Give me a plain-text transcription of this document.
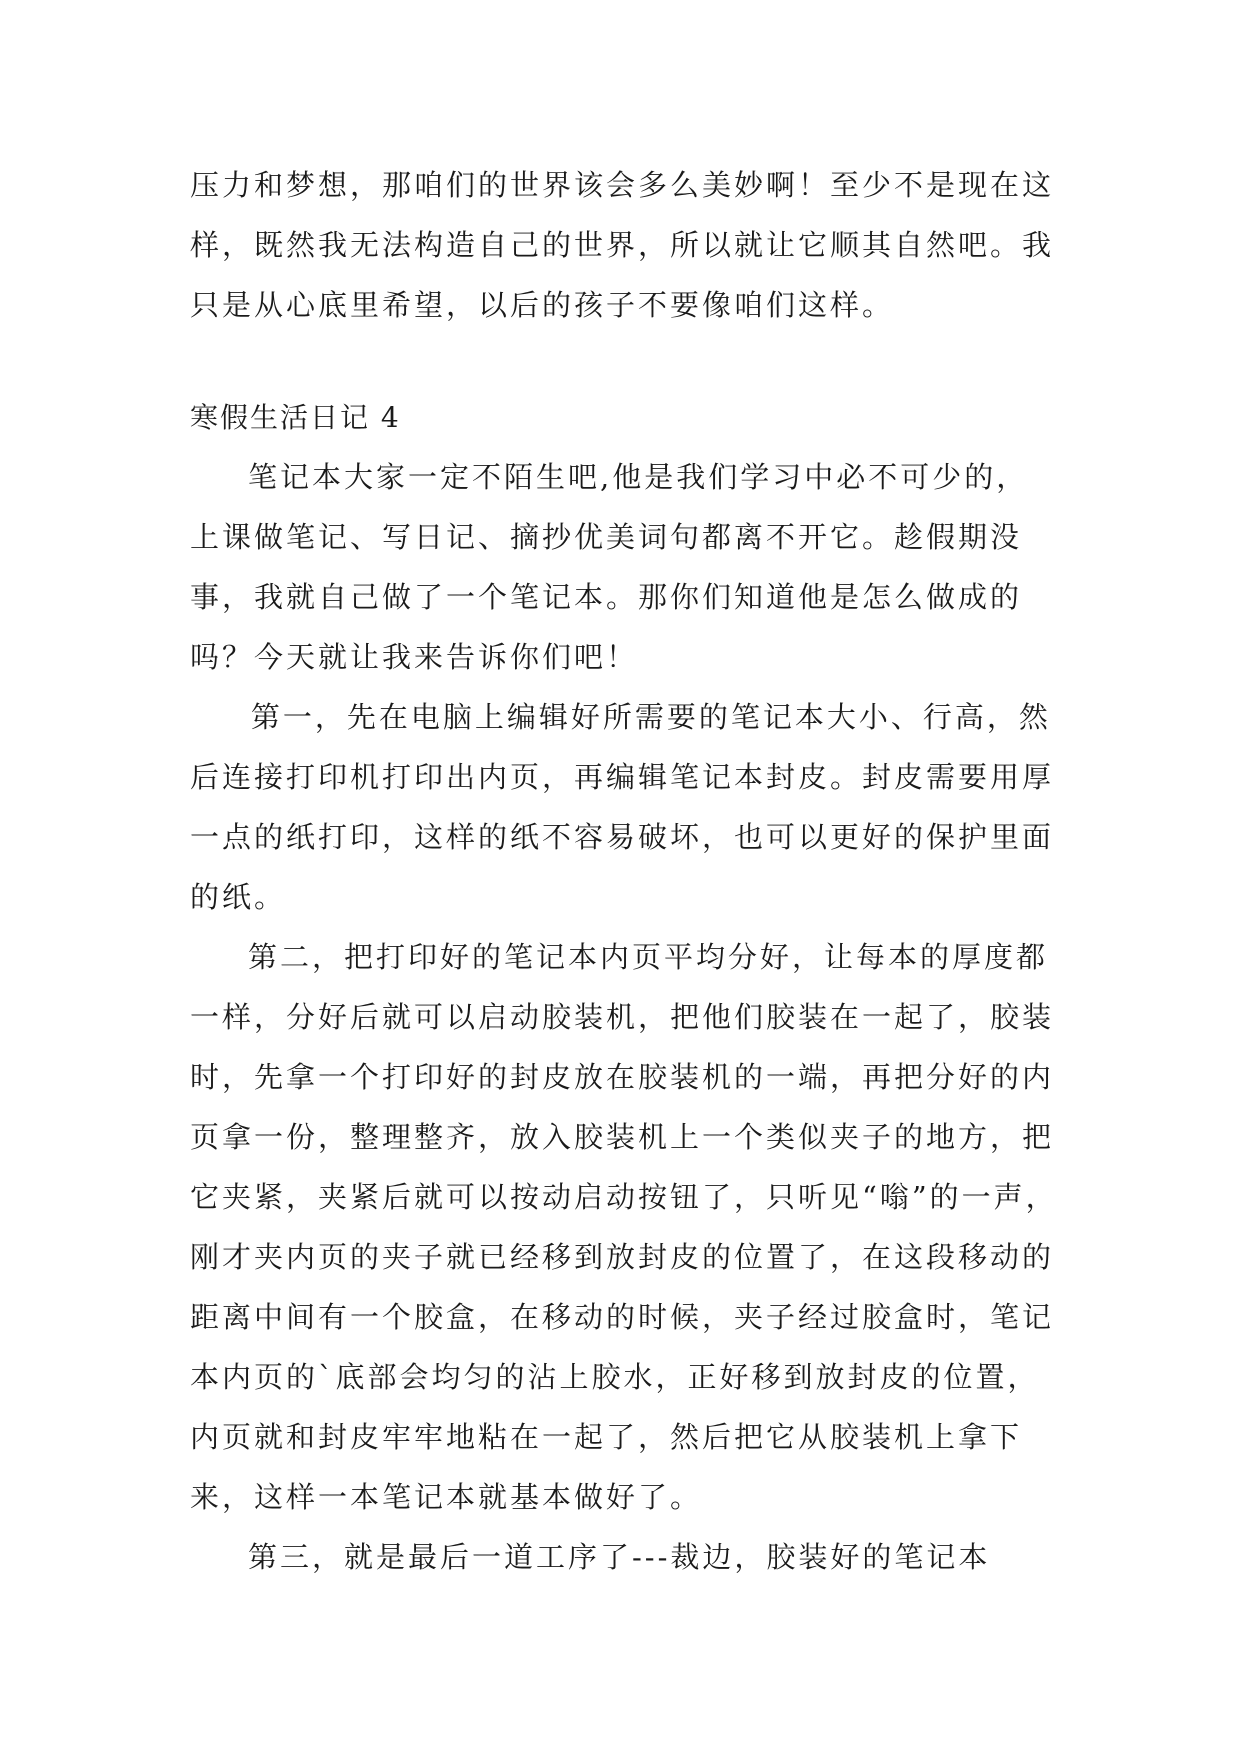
压力和梦想，那咱们的世界该会多么美妙啊！至少不是现在这样，既然我无法构造自己的世界，所以就让它顺其自然吧。我只是从心底里希望，以后的孩子不要像咱们这样。

寒假生活日记 4

笔记本大家一定不陌生吧,他是我们学习中必不可少的，上课做笔记、写日记、摘抄优美词句都离不开它。趁假期没事，我就自己做了一个笔记本。那你们知道他是怎么做成的吗？今天就让我来告诉你们吧！

第一，先在电脑上编辑好所需要的笔记本大小、行高，然后连接打印机打印出内页，再编辑笔记本封皮。封皮需要用厚一点的纸打印，这样的纸不容易破坏，也可以更好的保护里面的纸。

第二，把打印好的笔记本内页平均分好，让每本的厚度都一样，分好后就可以启动胶装机，把他们胶装在一起了，胶装时，先拿一个打印好的封皮放在胶装机的一端，再把分好的内页拿一份，整理整齐，放入胶装机上一个类似夹子的地方，把它夹紧，夹紧后就可以按动启动按钮了，只听见“嗡”的一声，刚才夹内页的夹子就已经移到放封皮的位置了，在这段移动的距离中间有一个胶盒，在移动的时候，夹子经过胶盒时，笔记本内页的`底部会均匀的沾上胶水，正好移到放封皮的位置，内页就和封皮牢牢地粘在一起了，然后把它从胶装机上拿下来，这样一本笔记本就基本做好了。

第三，就是最后一道工序了---裁边，胶装好的笔记本
